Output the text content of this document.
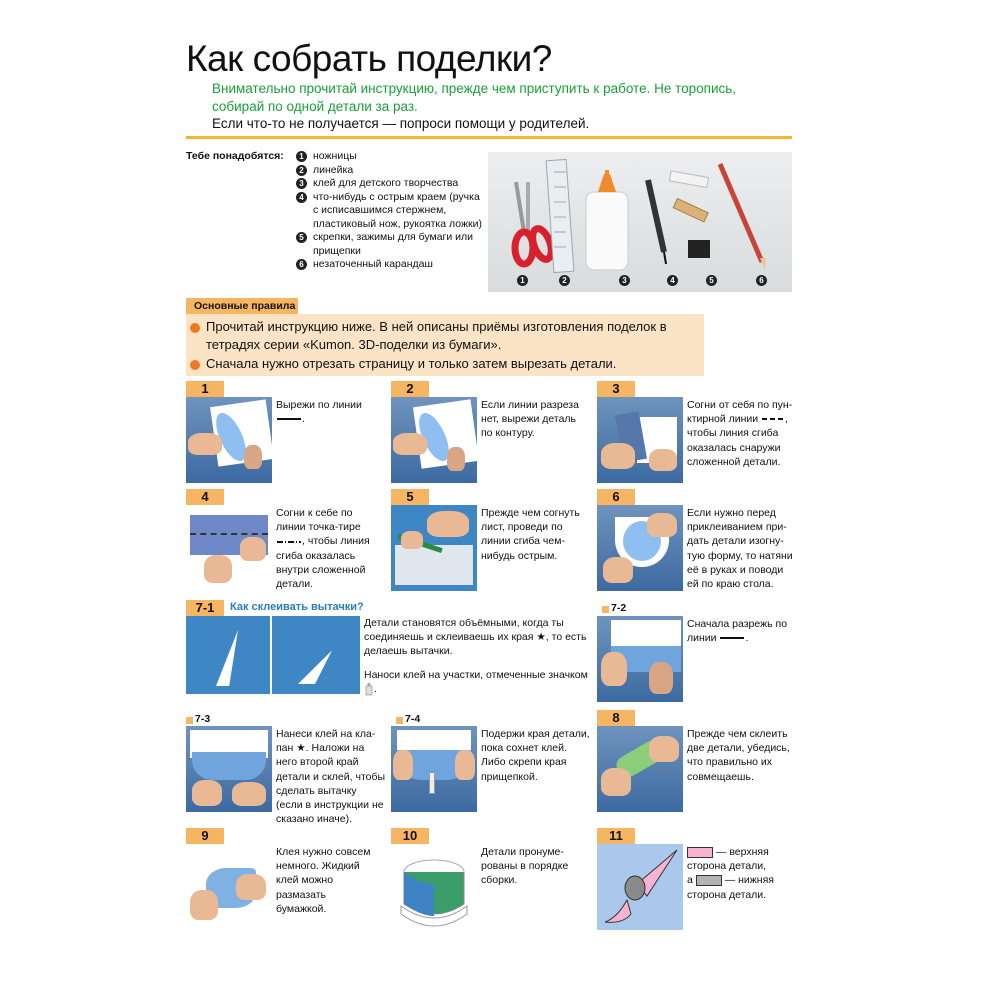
Как собрать поделки?

Внимательно прочитай инструкцию, прежде чем приступить к работе. Не торопись, собирай по одной детали за раз.

Если что-то не получается — попроси помощи у родителей.

Тебе понадобятся:	1 ножницы
2 линейка
3 клей для детского творчества
4 что-нибудь с острым краем (ручка с исписавшимся стержнем, пластиковый нож, рукоятка ложки)
5 скрепки, зажимы для бумаги или прищепки
6 незаточенный карандаш
1	2	3	4	5	6
Основные правила
Прочитай инструкцию ниже. В ней описаны приёмы изготовления поделок в тетрадях серии «Kumon. 3D-поделки из бумаги».
Сначала нужно отрезать страницу и только затем вырезать детали.
1
Вырежи по линии .
2
Если линии разреза нет, вырежи деталь по контуру.
3
Согни от себя по пунктирной линии	, чтобы линия сгиба оказалась снаружи сложенной детали.
4
Согни к себе по линии точка-тире , чтобы линия сгиба оказалась внутри сложенной детали.
5
Прежде чем согнуть лист, проведи по линии сгиба чем-нибудь острым.
6
Если нужно перед приклеиванием придать детали изогнутую форму, то натяни её в руках и поводи ей по краю стола.
7-1	Как склеивать вытачки?
Детали становятся объёмными, когда ты соединяешь и склеиваешь их края ★, то есть делаешь вытачки.
Наноси клей на участки, отмеченные значком .
7-2
Сначала разрежь по линии	.
7-3
Нанеси клей на клапан ★. Наложи на него второй край детали и склей, чтобы сделать вытачку (если в инструкции не сказано иначе).
7-4
Подержи края детали, пока сохнет клей. Либо скрепи края прищепкой.
8
Прежде чем склеить две детали, убедись, что правильно их совмещаешь.
9
Клея нужно совсем немного. Жидкий клей можно размазать бумажкой.
10
Детали пронумерованы в порядке сборки.
11
— верхняя сторона детали,
а	— нижняя сторона детали.
